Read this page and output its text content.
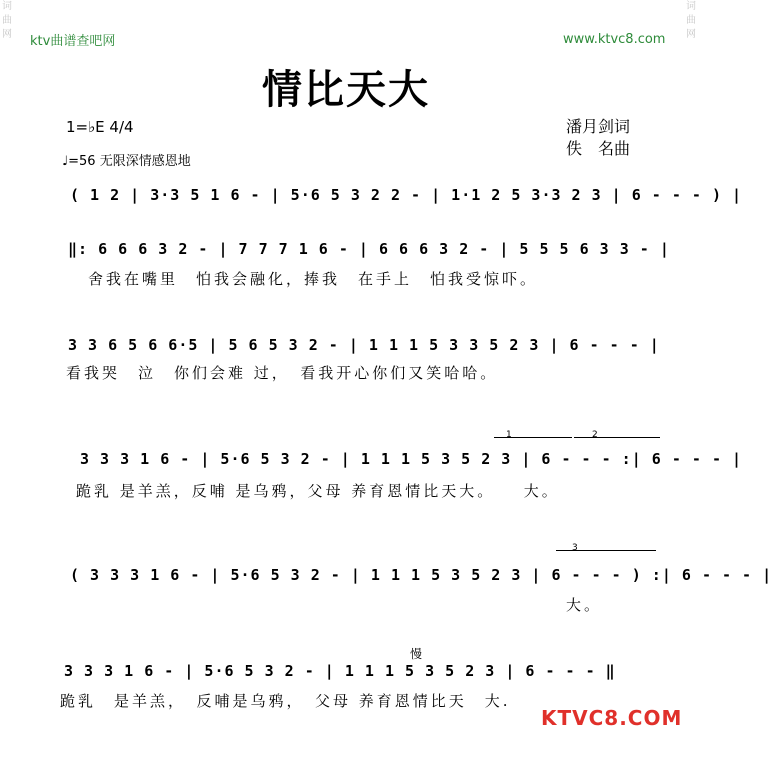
词曲网
词曲网
ktv曲谱查吧网	www.ktvc8.com
情比天大
1=♭E 4/4	潘月剑词
佚　名曲
♩=56 无限深情感恩地
( 1 2 | 3·3 5 1 6 - | 5·6 5 3 2 2 - | 1·1 2 5 3·3 2 3 | 6 - - - ) |
‖: 6 6 6 3 2 - | 7 7 7 1 6 - | 6 6 6 3 2 - | 5 5 5 6 3 3 - |
舍我在嘴里　怕我会融化，捧我　在手上　怕我受惊吓。
3 3 6 5 6 6·5 | 5 6 5 3 2 - | 1 1 1 5 3 3 5 2 3 | 6 - - - |
看我哭　泣　你们会难 过，　看我开心你们又笑哈哈。
1	2
3 3 3 1 6 - | 5·6 5 3 2 - | 1 1 1 5 3 5 2 3 | 6 - - - :| 6 - - - |
跪乳 是羊羔，反哺 是乌鸦，父母 养育恩情比天大。　　大。
3
( 3 3 3 1 6 - | 5·6 5 3 2 - | 1 1 1 5 3 5 2 3 | 6 - - - ) :| 6 - - - |
大。
慢
3 3 3 1 6 - | 5·6 5 3 2 - | 1 1 1 5 3 5 2 3 | 6 - - - ‖
跪乳　是羊羔，　反哺是乌鸦，　父母 养育恩情比天　大.
KTVC8.COM
